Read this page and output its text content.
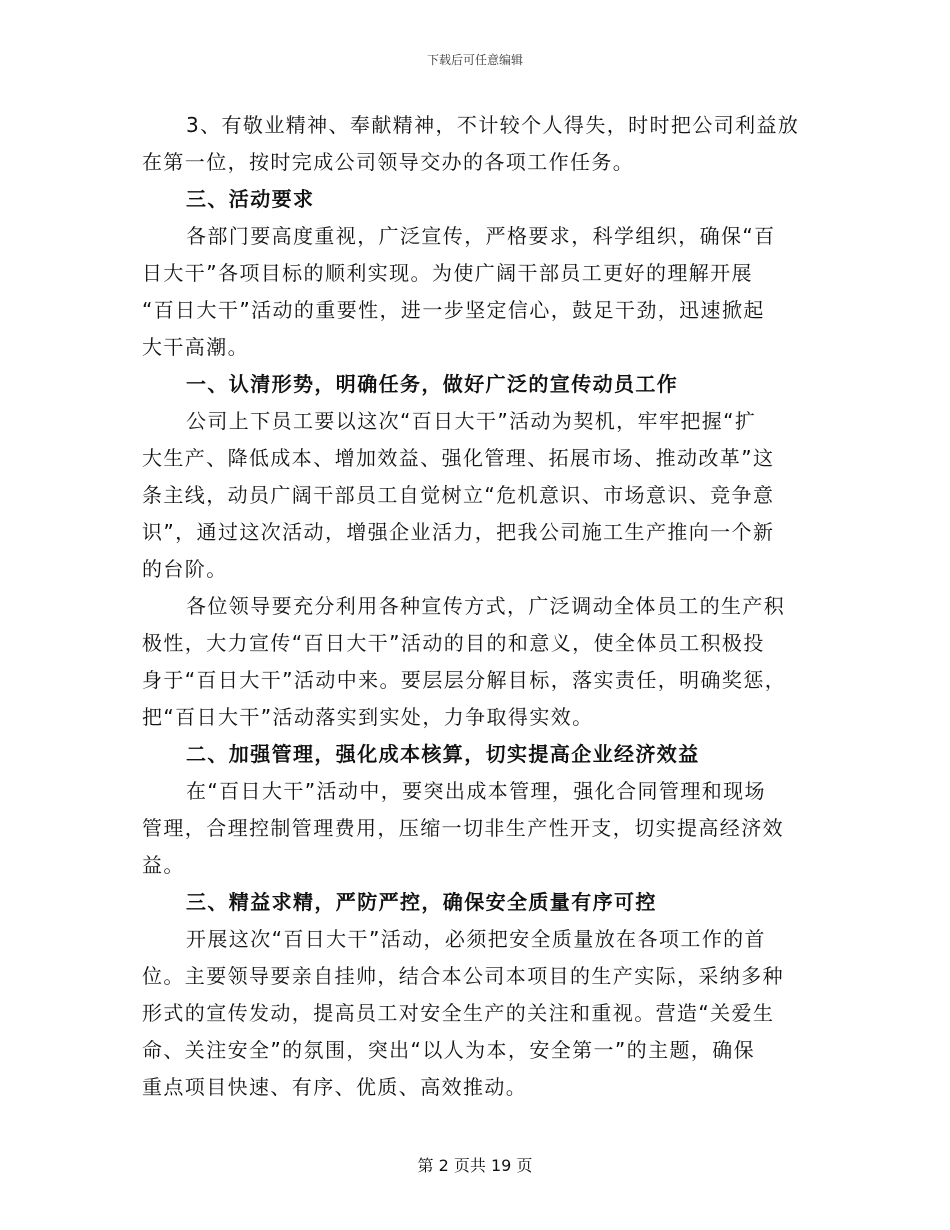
下载后可任意编辑

3、有敬业精神、奉献精神，不计较个人得失，时时把公司利益放
在第一位，按时完成公司领导交办的各项工作任务。

三、活动要求

各部门要高度重视，广泛宣传，严格要求，科学组织，确保“百
日大干”各项目标的顺利实现。为使广阔干部员工更好的理解开展
“百日大干”活动的重要性，进一步坚定信心，鼓足干劲，迅速掀起
大干高潮。

一、认清形势，明确任务，做好广泛的宣传动员工作

公司上下员工要以这次“百日大干”活动为契机，牢牢把握“扩
大生产、降低成本、增加效益、强化管理、拓展市场、推动改革”这
条主线，动员广阔干部员工自觉树立“危机意识、市场意识、竞争意
识”，通过这次活动，增强企业活力，把我公司施工生产推向一个新
的台阶。

各位领导要充分利用各种宣传方式，广泛调动全体员工的生产积
极性，大力宣传“百日大干”活动的目的和意义，使全体员工积极投
身于“百日大干”活动中来。要层层分解目标，落实责任，明确奖惩，
把“百日大干”活动落实到实处，力争取得实效。

二、加强管理，强化成本核算，切实提高企业经济效益

在“百日大干”活动中，要突出成本管理，强化合同管理和现场
管理，合理控制管理费用，压缩一切非生产性开支，切实提高经济效
益。

三、精益求精，严防严控，确保安全质量有序可控

开展这次“百日大干”活动，必须把安全质量放在各项工作的首
位。主要领导要亲自挂帅，结合本公司本项目的生产实际，采纳多种
形式的宣传发动，提高员工对安全生产的关注和重视。营造“关爱生
命、关注安全”的氛围，突出“以人为本，安全第一”的主题，确保
重点项目快速、有序、优质、高效推动。

第 2 页共 19 页
